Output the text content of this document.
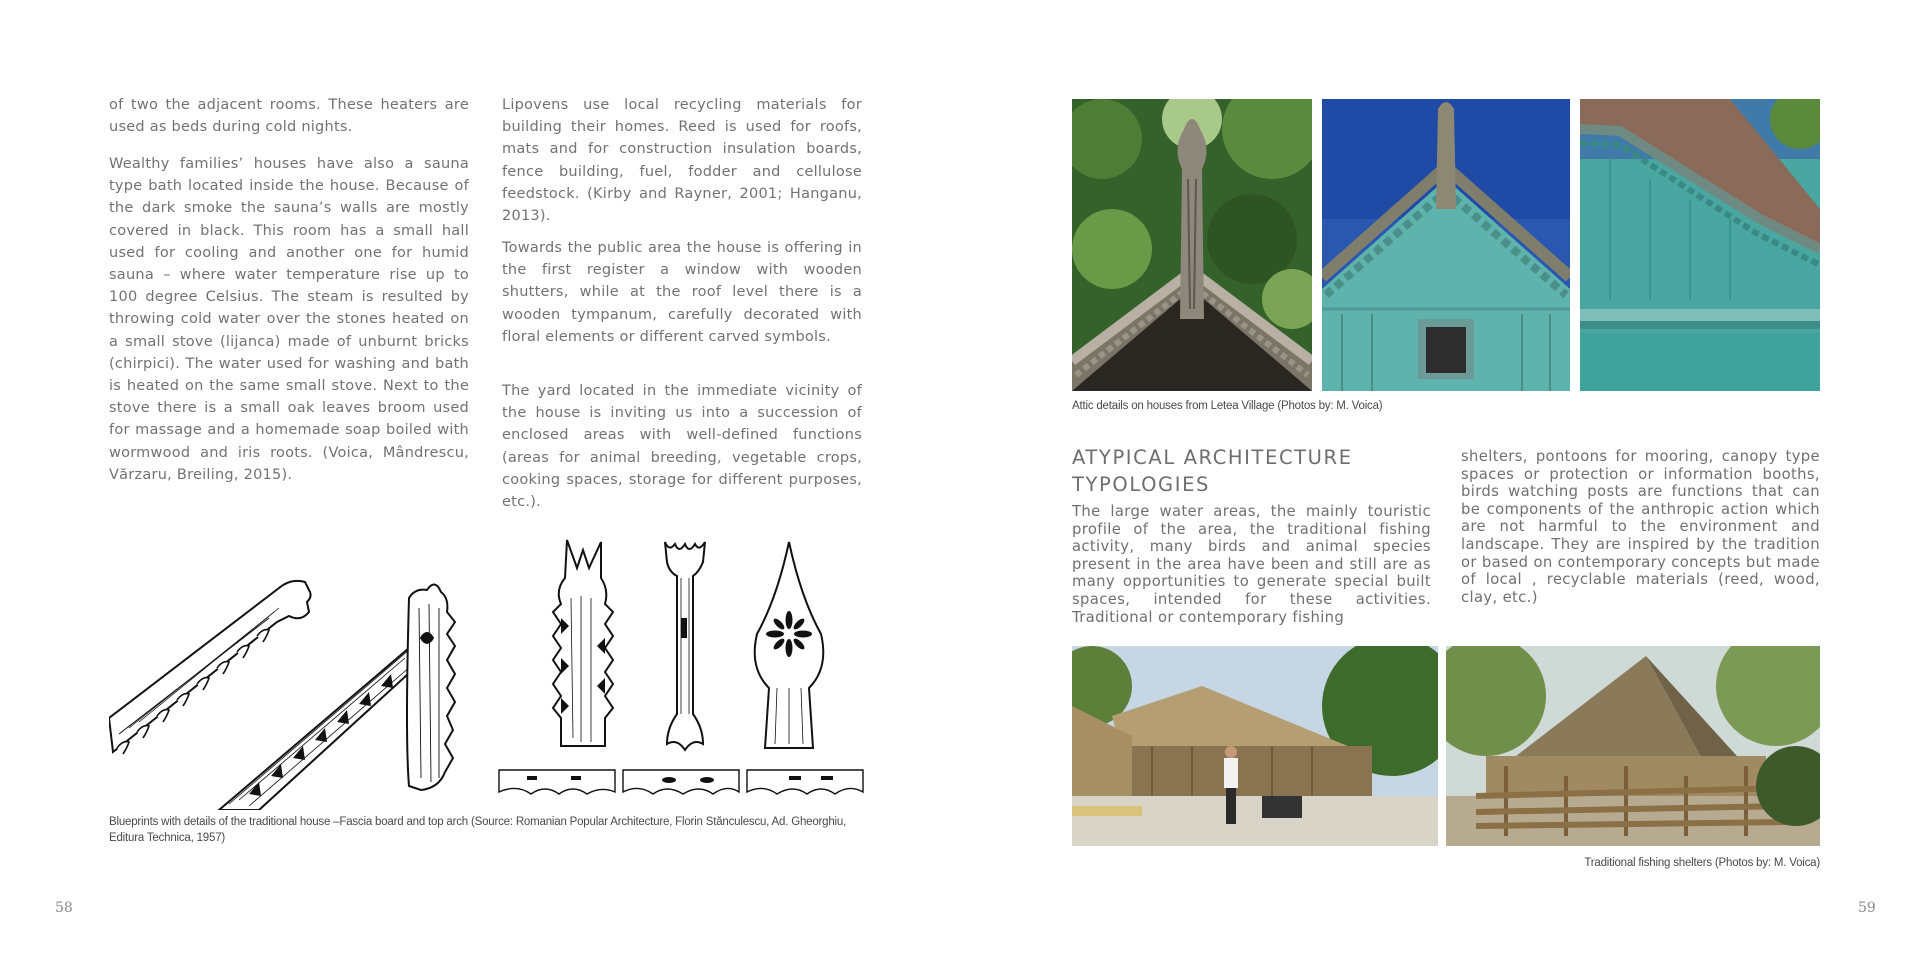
of two the adjacent rooms. These heaters are used as beds during cold nights.

Wealthy families’ houses have also a sauna type bath located inside the house. Because of the dark smoke the sauna’s walls are mostly covered in black. This room has a small hall used for cooling and another one for humid sauna – where water temperature rise up to 100 degree Celsius. The steam is resulted by throwing cold water over the stones heated on a small stove (lijanca) made of unburnt bricks (chirpici). The water used for washing and bath is heated on the same small stove. Next to the stove there is a small oak leaves broom used for massage and a homemade soap boiled with wormwood and iris roots. (Voica, Mândrescu, Vărzaru, Breiling, 2015).

Lipovens use local recycling materials for building their homes. Reed is used for roofs, mats and for construction insulation boards, fence building, fuel, fodder and cellulose feedstock. (Kirby and Rayner, 2001; Hanganu, 2013).

Towards the public area the house is offering in the first register a window with wooden shutters, while at the roof level there is a wooden tympanum, carefully decorated with floral elements or different carved symbols.

The yard located in the immediate vicinity of the house is inviting us into a succession of enclosed areas with well-defined functions (areas for animal breeding, vegetable crops, cooking spaces, storage for different purposes, etc.).

Blueprints with details of the traditional house –Fascia board and top arch (Source: Romanian Popular Architecture, Florin Stănculescu, Ad. Gheorghiu, Editura Technica, 1957)
58
Attic details on houses from Letea Village (Photos by: M. Voica)
ATYPICAL ARCHITECTURE
TYPOLOGIES

The large water areas, the mainly touristic profile of the area, the traditional fishing activity, many birds and animal species present in the area have been and still are as many opportunities to generate special built spaces, intended for these activities. Traditional or contemporary fishing

shelters, pontoons for mooring, canopy type spaces or protection or information booths, birds watching posts are functions that can be components of the anthropic action which are not harmful to the environment and landscape. They are inspired by the tradition or based on contemporary concepts but made of local , recyclable materials (reed, wood, clay, etc.)

Traditional fishing shelters (Photos by: M. Voica)
59
